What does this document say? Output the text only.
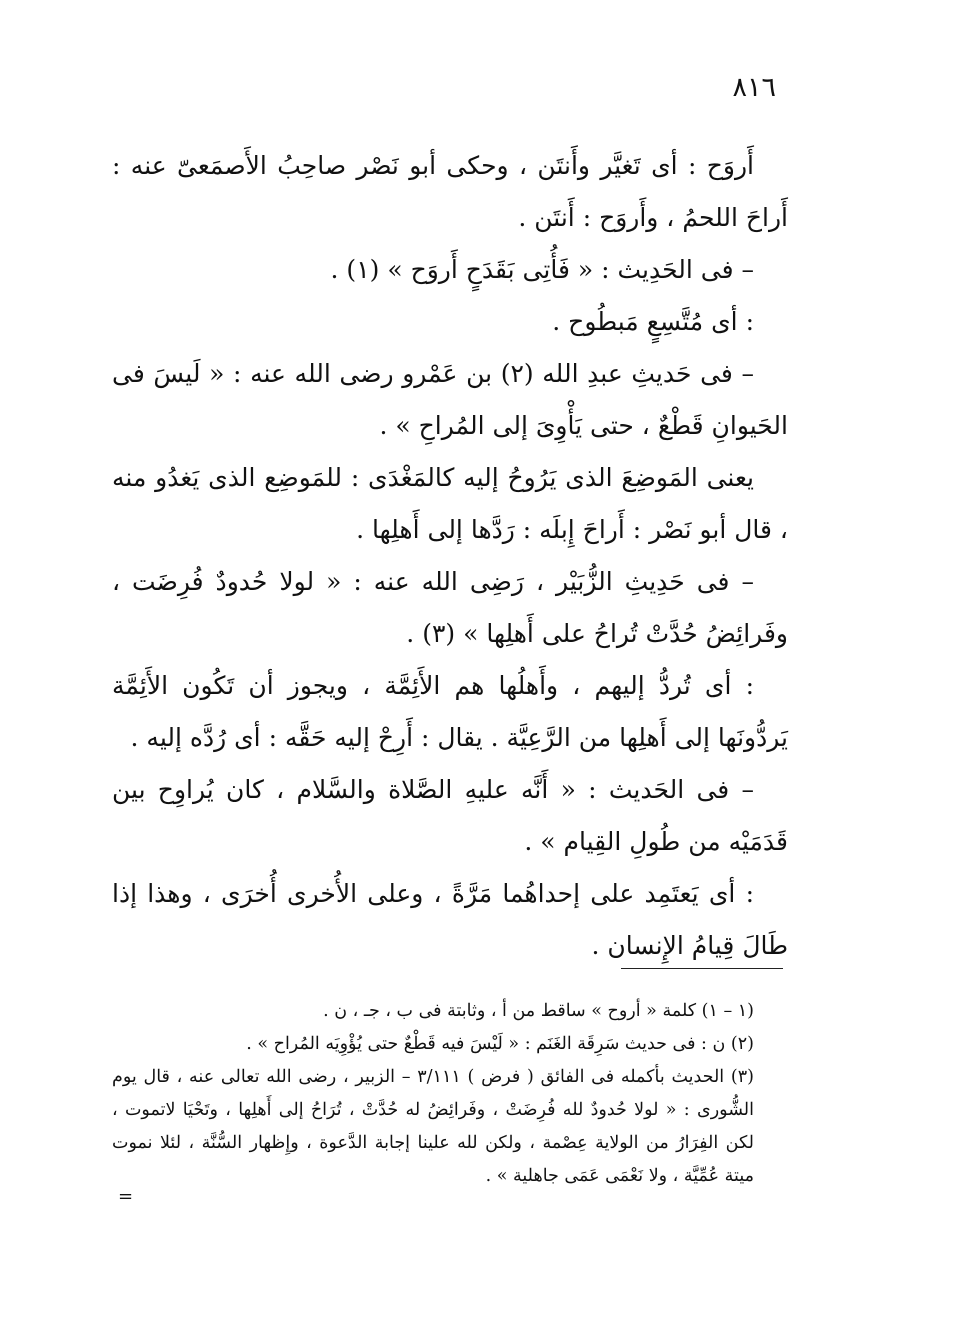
٨١٦

أَروَح : أى تَغيَّر وأَنتَن ، وحكى أبو نَصْر صاحِبُ الأَصمَعىّ عنه : أَراحَ اللحمُ ، وأَروَح : أَنتَن .

– فى الحَدِيث : « فَأُتِى بَقَدَحٍ أَروَح » (١) .

: أى مُتَّسِعٍ مَبطُوح .

– فى حَديثِ عبدِ الله (٢) بن عَمْرو رضى الله عنه : « لَيسَ فى الحَيوانِ قَطْعٌ ، حتى يَأْوِىَ إلى المُراحِ » .

يعنى المَوضِعَ الذى يَرُوحُ إليه كالمَغْدَى : للمَوضِع الذى يَغدُو منه ، قال أبو نَصْر : أَراحَ إِبلَه : رَدَّها إلى أَهلِها .

– فى حَدِيثِ الزُّبَيْر ، رَضِى الله عنه : « لولا حُدودٌ فُرِضَت ، وفَرائِضُ حُدَّتْ تُراحُ على أَهلِها » (٣) .

: أى تُردُّ إليهم ، وأَهلُها هم الأَئِمَّة ، ويجوز أن تَكُون الأَئِمَّة يَردُّونَها إلى أَهلِها من الرَّعِيَّة . يقال : أَرِحْ إليه حَقَّه : أى رُدَّه إليه .

– فى الحَديث : « أَنَّه عليهِ الصَّلاة والسَّلام ، كان يُراوِح بين قَدَمَيْه من طُولِ القِيام » .

: أى يَعتَمِد على إحداهُما مَرَّةً ، وعلى الأُخرى أُخرَى ، وهذا إذا طَالَ قِيامُ الإِنسان .

(١ – ١) كلمة « أروح » ساقط من أ ، وثابتة فى ب ، جـ ، ن .

(٢) ن : فى حديث سَرِقَة الغَنَم : « لَيْسَ فيه قَطْعٌ حتى يُؤْوِيَه المُراح » .

(٣) الحديث بأكمله فى الفائق ( فرض ) ٣/١١١ – الزبير ، رضى الله تعالى عنه ، قال يوم الشُّورى : « لولا حُدودٌ لله فُرِضَتْ ، وفَرائِضُ له حُدَّتْ ، تُرَاحُ إلى أَهلِها ، وتَحْيَا لاتموت ، لكن الفِرَارُ من الولاية عِصْمة ، ولكن لله علينا إجابة الدَّعوة ، وإِظهار السُّنَّة ، لئلا نموت ميتة عُمِّيَّة ، ولا نَعْمَى عَمَى جاهلية » .

=
